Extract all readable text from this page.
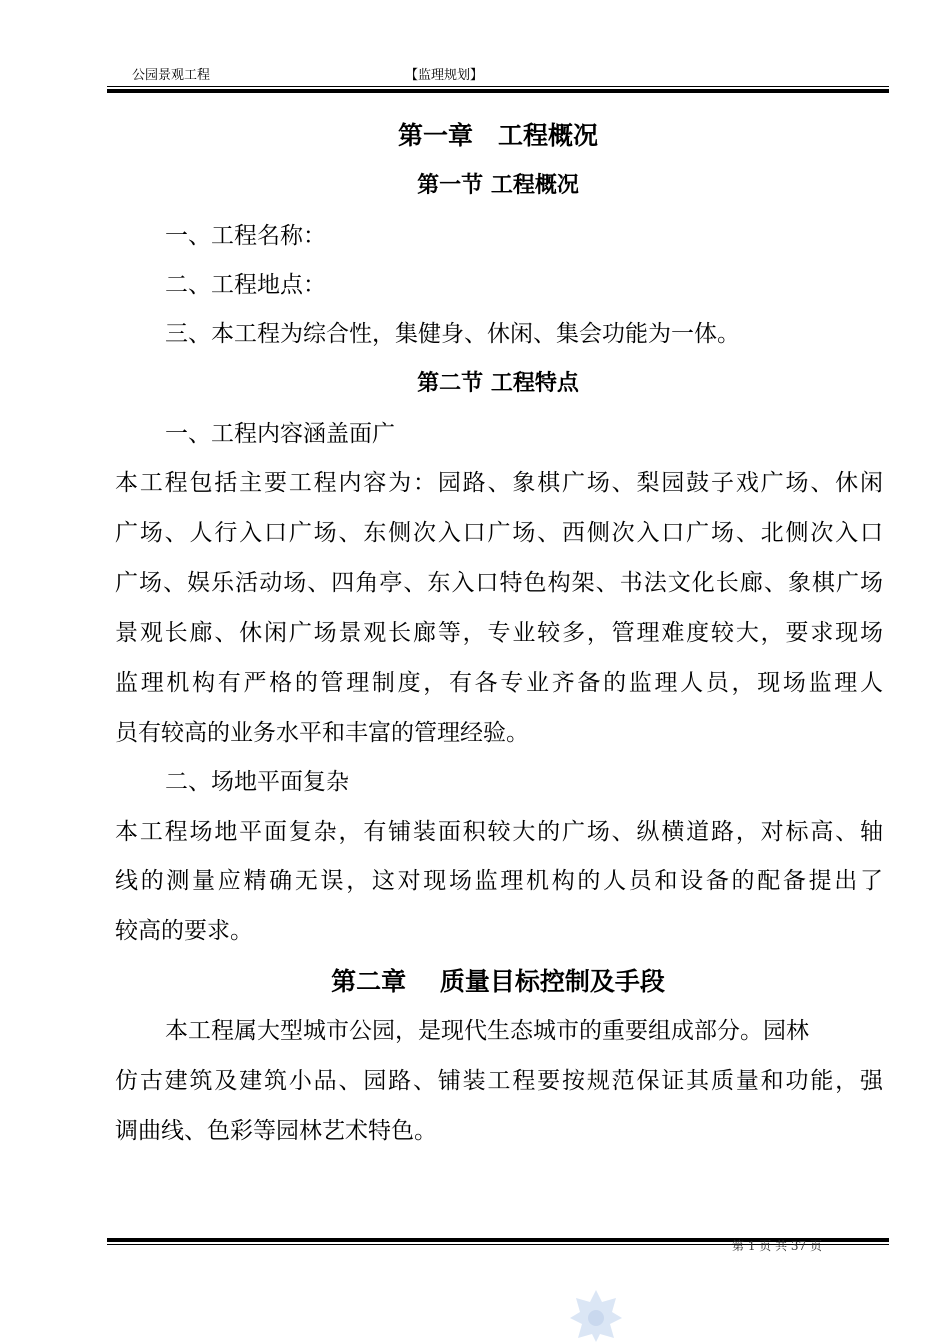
公园景观工程	【监理规划】
第一章　工程概况
第一节 工程概况
一、工程名称：
二、工程地点：
三、本工程为综合性，集健身、休闲、集会功能为一体。
第二节 工程特点
一、工程内容涵盖面广
本工程包括主要工程内容为：园路、象棋广场、梨园鼓子戏广场、休闲
广场、人行入口广场、东侧次入口广场、西侧次入口广场、北侧次入口
广场、娱乐活动场、四角亭、东入口特色构架、书法文化长廊、象棋广场
景观长廊、休闲广场景观长廊等，专业较多，管理难度较大，要求现场
监理机构有严格的管理制度，有各专业齐备的监理人员，现场监理人
员有较高的业务水平和丰富的管理经验。
二、场地平面复杂
本工程场地平面复杂，有铺装面积较大的广场、纵横道路，对标高、轴
线的测量应精确无误，这对现场监理机构的人员和设备的配备提出了
较高的要求。
第二章　 质量目标控制及手段
本工程属大型城市公园，是现代生态城市的重要组成部分。园林
仿古建筑及建筑小品、园路、铺装工程要按规范保证其质量和功能，强
调曲线、色彩等园林艺术特色。
第 1 页 共 37 页
